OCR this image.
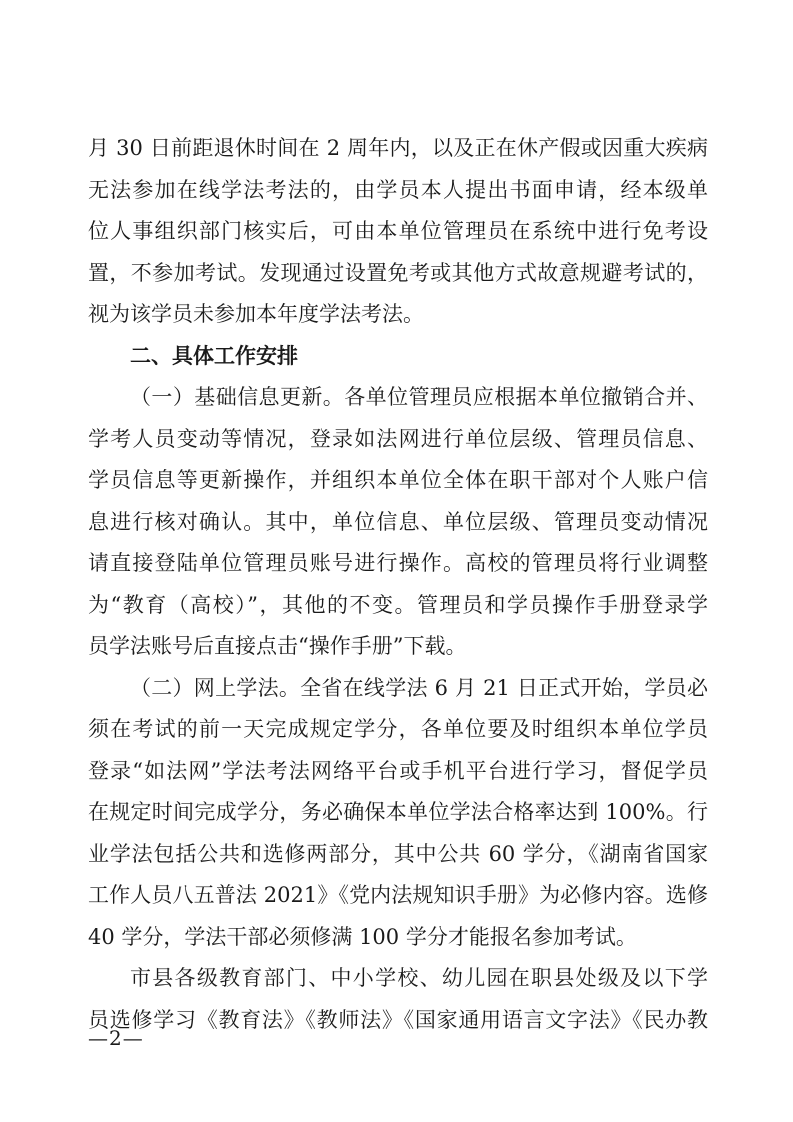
月 30 日前距退休时间在 2 周年内，以及正在休产假或因重大疾病

无法参加在线学法考法的，由学员本人提出书面申请，经本级单

位人事组织部门核实后，可由本单位管理员在系统中进行免考设

置，不参加考试。发现通过设置免考或其他方式故意规避考试的，

视为该学员未参加本年度学法考法。

二、具体工作安排

（一）基础信息更新。各单位管理员应根据本单位撤销合并、

学考人员变动等情况，登录如法网进行单位层级、管理员信息、

学员信息等更新操作，并组织本单位全体在职干部对个人账户信

息进行核对确认。其中，单位信息、单位层级、管理员变动情况

请直接登陆单位管理员账号进行操作。高校的管理员将行业调整

为“教育（高校）”，其他的不变。管理员和学员操作手册登录学

员学法账号后直接点击“操作手册”下载。

（二）网上学法。全省在线学法 6 月 21 日正式开始，学员必

须在考试的前一天完成规定学分，各单位要及时组织本单位学员

登录“如法网”学法考法网络平台或手机平台进行学习，督促学员

在规定时间完成学分，务必确保本单位学法合格率达到 100%。行

业学法包括公共和选修两部分，其中公共 60 学分，《湖南省国家

工作人员八五普法 2021》《党内法规知识手册》为必修内容。选修

40 学分，学法干部必须修满 100 学分才能报名参加考试。

市县各级教育部门、中小学校、幼儿园在职县处级及以下学

员选修学习《教育法》《教师法》《国家通用语言文字法》《民办教

—2—
